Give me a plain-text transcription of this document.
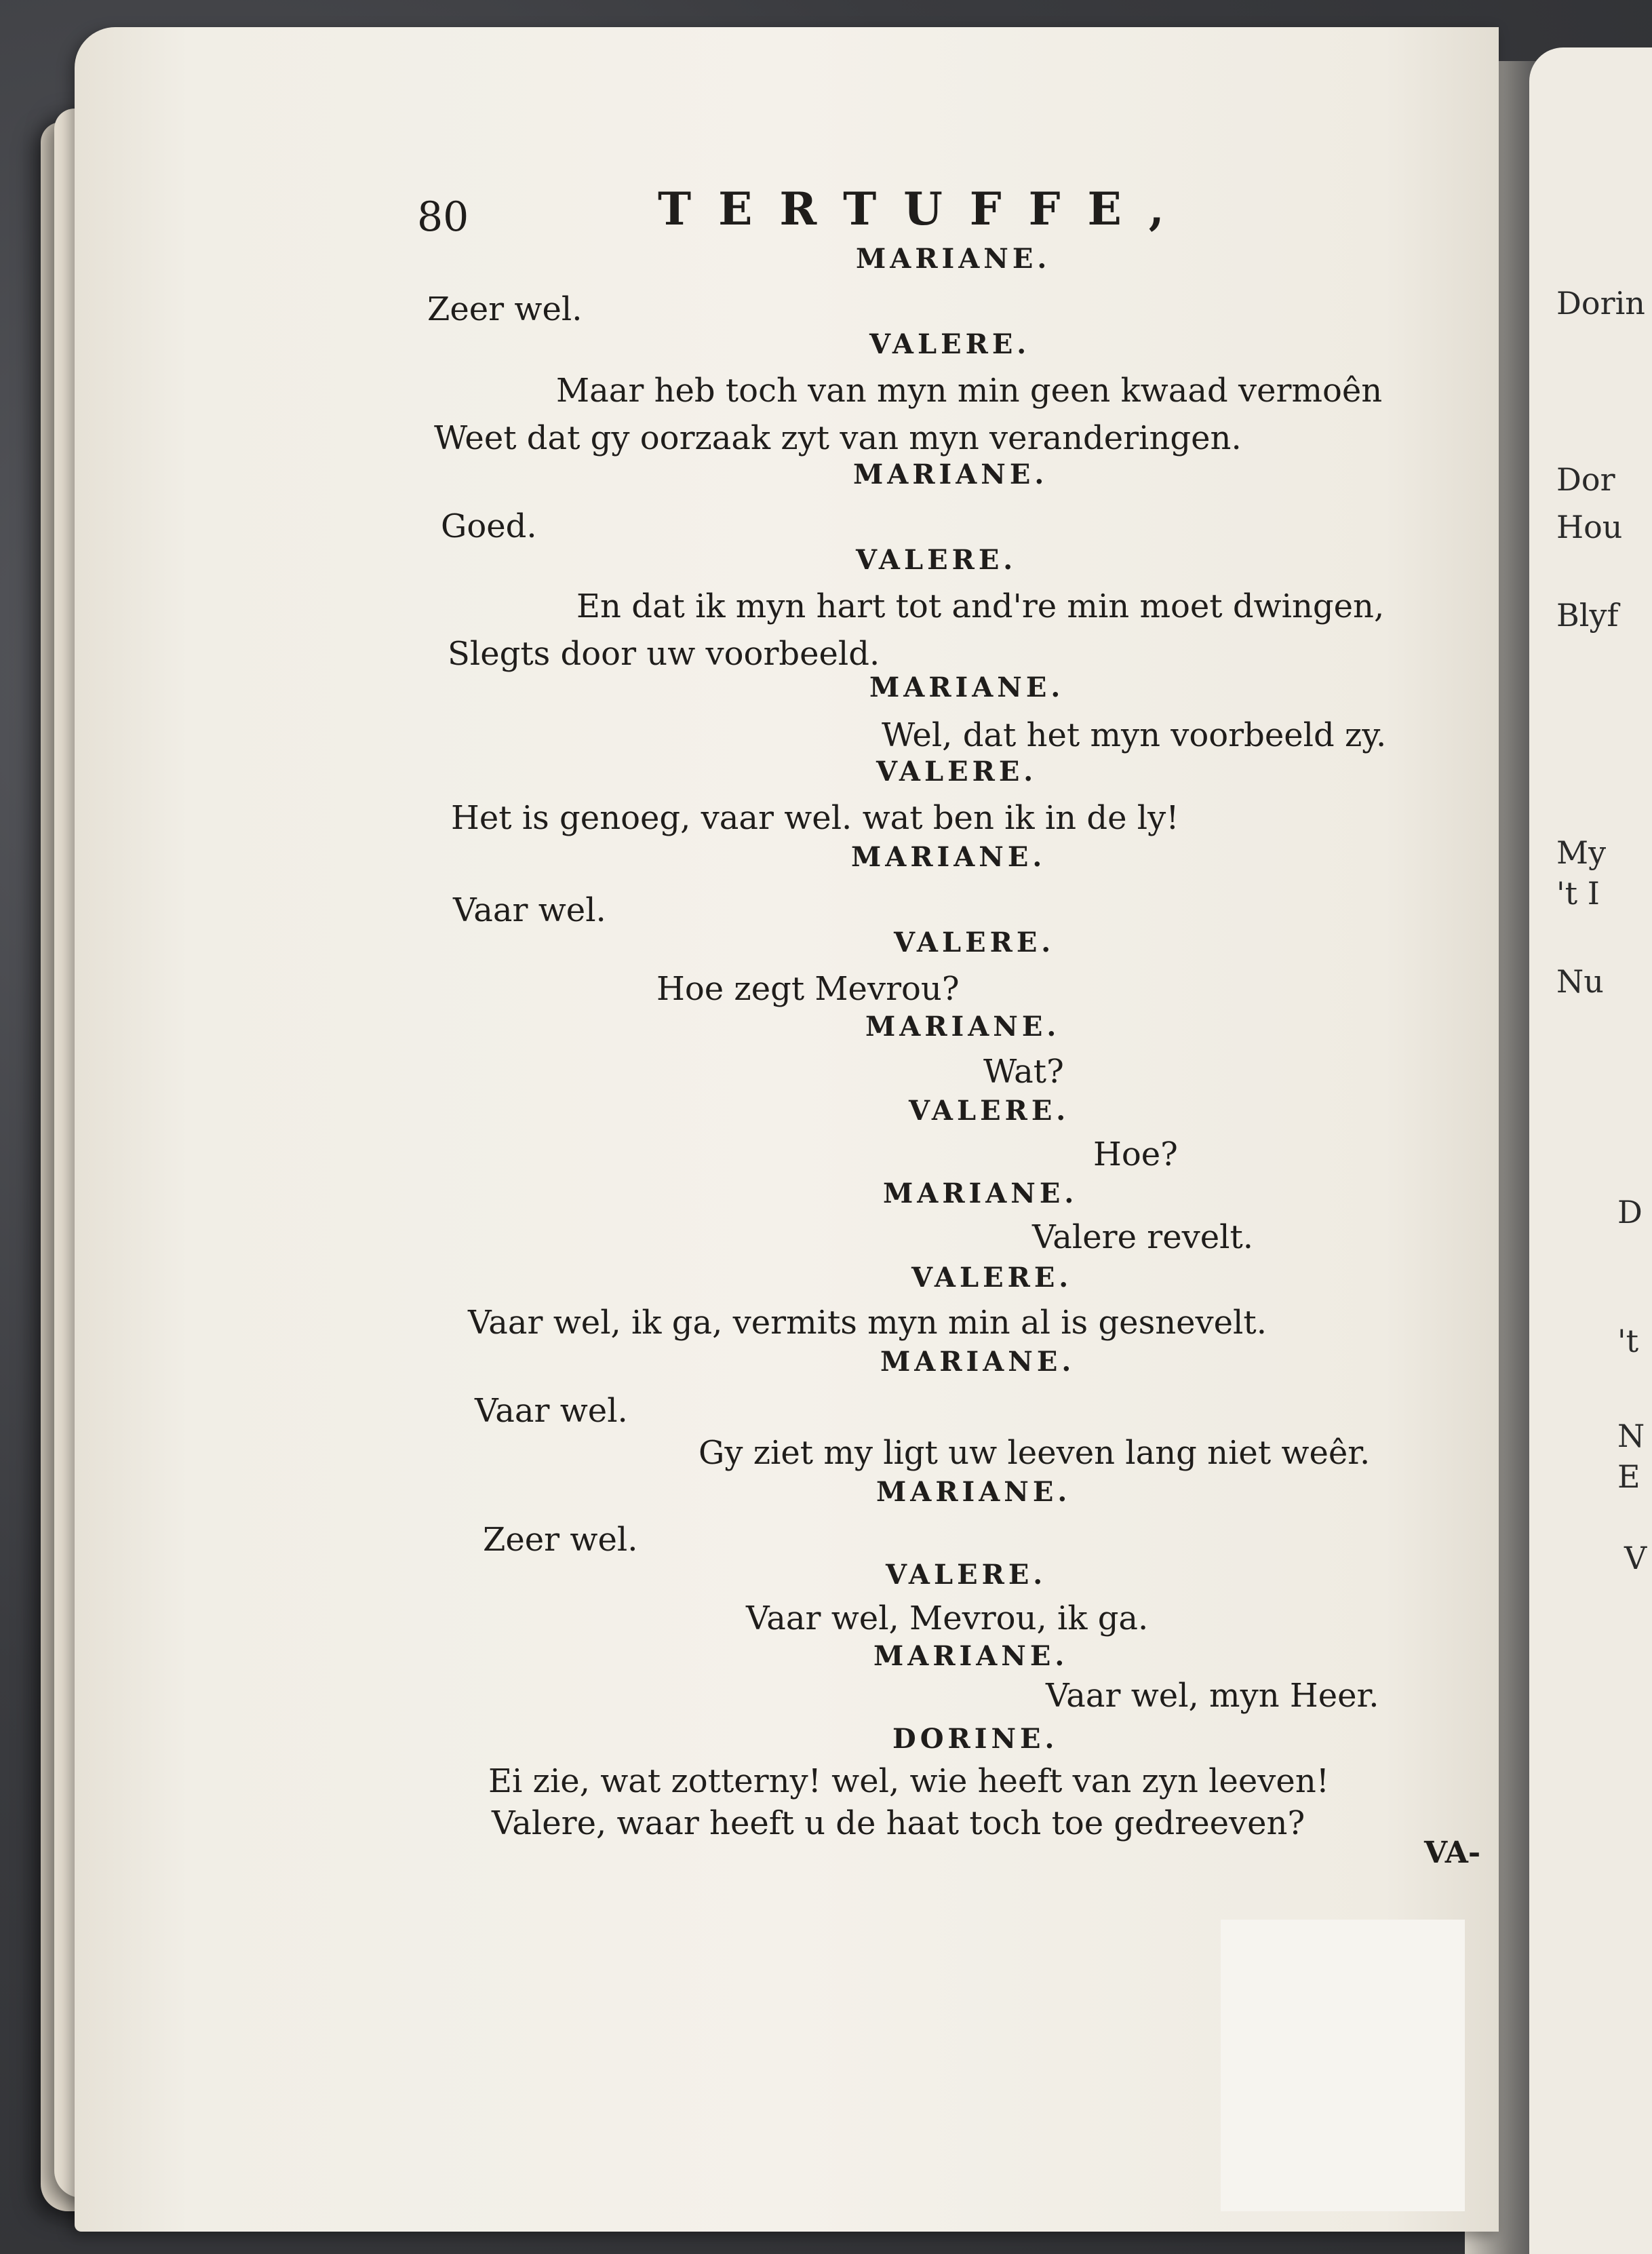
Dorin
Dor
Hou
Blyf
My
't I
Nu
D
't
N
E
V
80	TERTUFFE,
MARIANE.
Zeer wel.
VALERE.
Maar heb toch van myn min geen kwaad vermoên
Weet dat gy oorzaak zyt van myn veranderingen.
MARIANE.
Goed.
VALERE.
En dat ik myn hart tot and're min moet dwingen,
Slegts door uw voorbeeld.
MARIANE.
Wel, dat het myn voorbeeld zy.
VALERE.
Het is genoeg, vaar wel. wat ben ik in de ly!
MARIANE.
Vaar wel.
VALERE.
Hoe zegt Mevrou?
MARIANE.
Wat?
VALERE.
Hoe?
MARIANE.
Valere revelt.
VALERE.
Vaar wel, ik ga, vermits myn min al is gesnevelt.
MARIANE.
Vaar wel.
Gy ziet my ligt uw leeven lang niet weêr.
MARIANE.
Zeer wel.
VALERE.
Vaar wel, Mevrou, ik ga.
MARIANE.
Vaar wel, myn Heer.
DORINE.
Ei zie, wat zotterny! wel, wie heeft van zyn leeven!
Valere, waar heeft u de haat toch toe gedreeven?
VA-
